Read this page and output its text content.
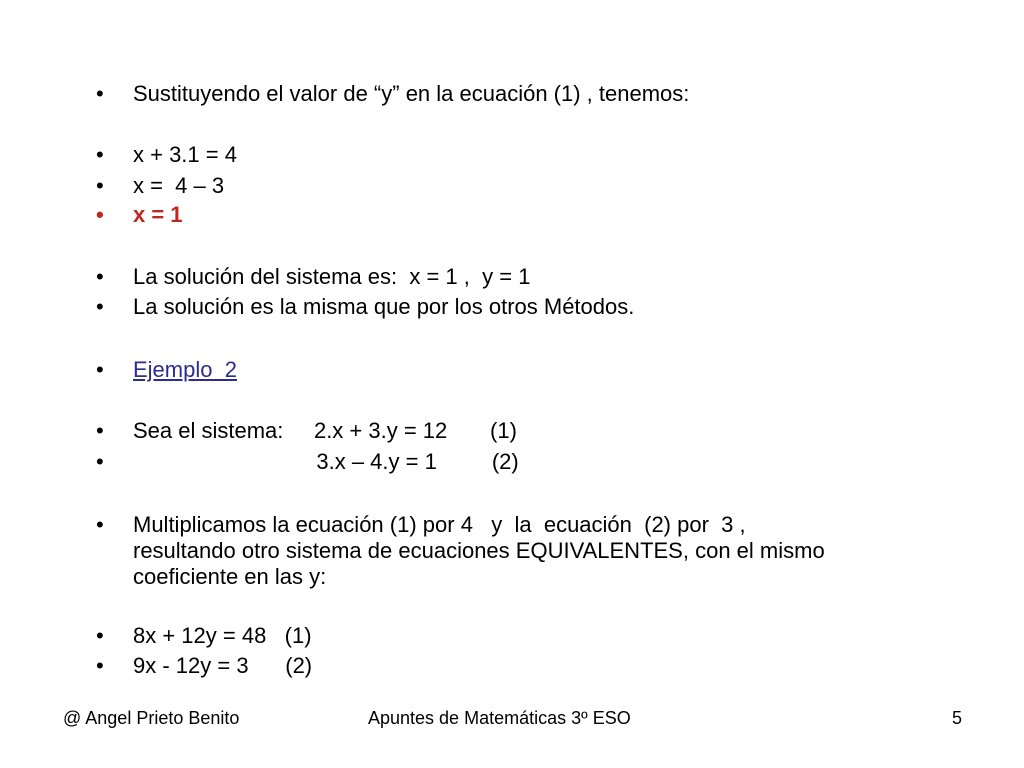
•

Sustituyendo el valor de “y” en la ecuación (1) , tenemos:

•

x + 3.1 = 4

•

x =  4 – 3

•

x = 1

•

La solución del sistema es:  x = 1 ,  y = 1

•

La solución es la misma que por los otros Métodos.

•

Ejemplo  2

•

Sea el sistema:     2.x + 3.y = 12       (1)

•

3.x – 4.y = 1         (2)

•

Multiplicamos la ecuación (1) por 4   y  la  ecuación  (2) por  3 ,

resultando otro sistema de ecuaciones EQUIVALENTES, con el mismo

coeficiente en las y:

•

8x + 12y = 48   (1)

•

9x - 12y = 3      (2)

@ Angel Prieto Benito	Apuntes de Matemáticas 3º ESO	5
